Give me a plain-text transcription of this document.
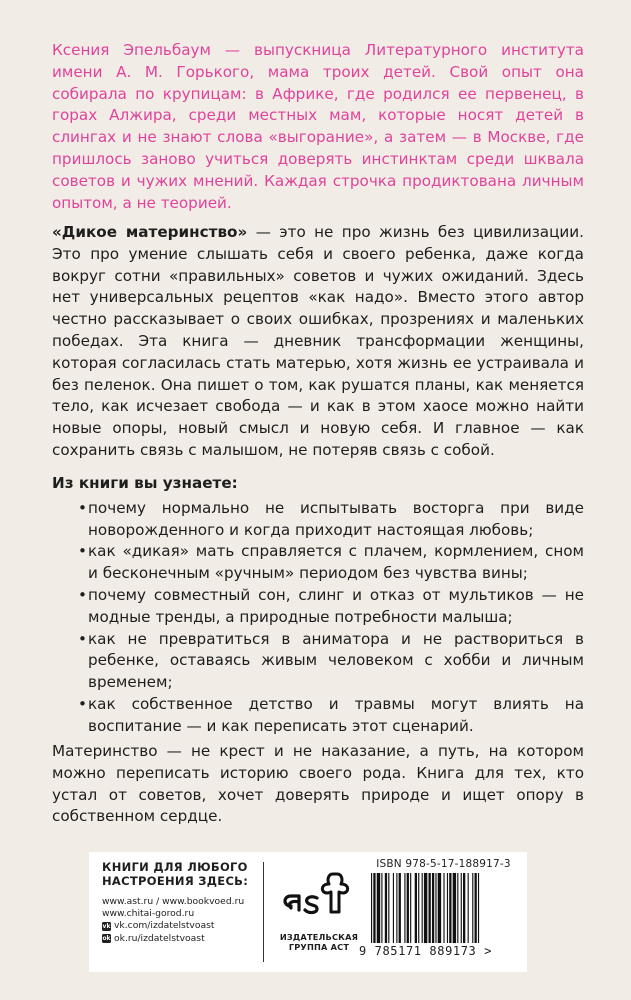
Ксения Эпельбаум — выпускница Литературного института имени А. М. Горького, мама троих детей. Свой опыт она собирала по крупицам: в Африке, где родился ее первенец, в горах Алжира, среди местных мам, которые носят детей в слингах и не знают слова «выгорание», а затем — в Москве, где пришлось заново учиться доверять инстинктам среди шквала советов и чужих мнений. Каждая строчка продиктована личным опытом, а не теорией.

«Дикое материнство» — это не про жизнь без цивилизации. Это про умение слышать себя и своего ребенка, даже когда вокруг сотни «правильных» советов и чужих ожиданий. Здесь нет универсальных рецептов «как надо». Вместо этого автор честно рассказывает о своих ошибках, прозрениях и маленьких победах. Эта книга — дневник трансформации женщины, которая согласилась стать матерью, хотя жизнь ее устраивала и без пеленок. Она пишет о том, как рушатся планы, как меняется тело, как исчезает свобода — и как в этом хаосе можно найти новые опоры, новый смысл и новую себя. И главное — как сохранить связь с малышом, не потеряв связь с собой.

Из книги вы узнаете:
• почему нормально не испытывать восторга при виде новорожденного и когда приходит настоящая любовь;
• как «дикая» мать справляется с плачем, кормлением, сном и бесконечным «ручным» периодом без чувства вины;
• почему совместный сон, слинг и отказ от мультиков — не модные тренды, а природные потребности малыша;
• как не превратиться в аниматора и не раствориться в ребенке, оставаясь живым человеком с хобби и личным временем;
• как собственное детство и травмы могут влиять на воспитание — и как переписать этот сценарий.

Материнство — не крест и не наказание, а путь, на котором можно переписать историю своего рода. Книга для тех, кто устал от советов, хочет доверять природе и ищет опору в собственном сердце.

КНИГИ ДЛЯ ЛЮБОГО НАСТРОЕНИЯ ЗДЕСЬ:
www.ast.ru / www.bookvoed.ru
www.chitai-gorod.ru
vk vk.com/izdatelstvoast
ok ok.ru/izdatelstvoast	ИЗДАТЕЛЬСКАЯ ГРУППА АСТ
ISBN 978-5-17-188917-3
9 785171 889173 >
